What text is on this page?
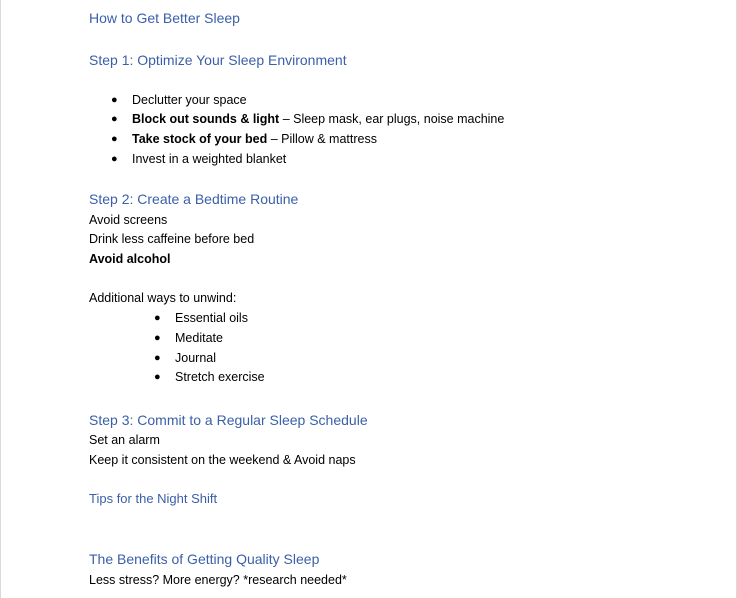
How to Get Better Sleep
Step 1: Optimize Your Sleep Environment
● Declutter your space
● Block out sounds & light – Sleep mask, ear plugs, noise machine
● Take stock of your bed – Pillow & mattress
● Invest in a weighted blanket
Step 2: Create a Bedtime Routine
Avoid screens
Drink less caffeine before bed
Avoid alcohol
Additional ways to unwind:
● Essential oils
● Meditate
● Journal
● Stretch exercise
Step 3: Commit to a Regular Sleep Schedule
Set an alarm
Keep it consistent on the weekend & Avoid naps
Tips for the Night Shift
The Benefits of Getting Quality Sleep
Less stress? More energy? *research needed*
